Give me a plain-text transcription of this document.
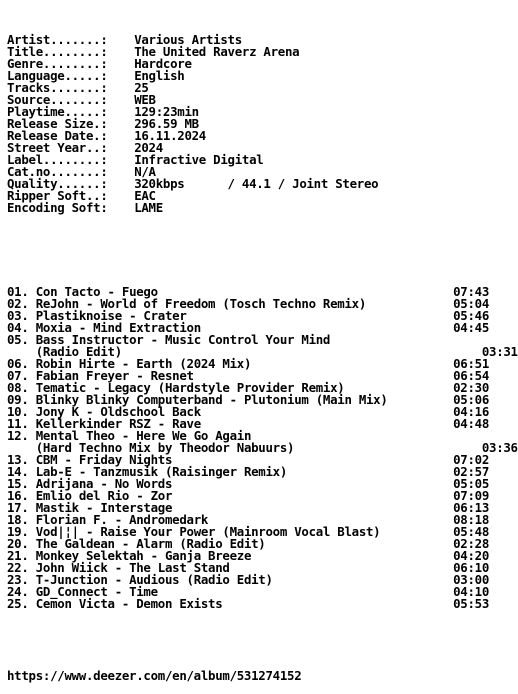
Artist.......: Various Artists
Title........: The United Raverz Arena
Genre........: Hardcore
Language.....: English
Tracks.......: 25
Source.......: WEB
Playtime.....: 129:23min
Release Size.: 296.59 MB
Release Date.: 16.11.2024
Street Year..: 2024
Label........: Infractive Digital
Cat.no.......: N/A
Quality......: 320kbps      / 44.1 / Joint Stereo
Ripper Soft..: EAC
Encoding Soft: LAME

01. Con Tacto - Fuego	07:43
02. ReJohn - World of Freedom (Tosch Techno Remix)	05:04
03. Plastiknoise - Crater	05:46
04. Moxia - Mind Extraction	04:45
05. Bass Instructor - Music Control Your Mind
(Radio Edit)	03:31
06. Robin Hirte - Earth (2024 Mix)	06:51
07. Fabian Freyer - Resnet	06:54
08. Tematic - Legacy (Hardstyle Provider Remix)	02:30
09. Blinky Blinky Computerband - Plutonium (Main Mix)	05:06
10. Jony K - Oldschool Back	04:16
11. Kellerkinder RSZ - Rave	04:48
12. Mental Theo - Here We Go Again
(Hard Techno Mix by Theodor Nabuurs)	03:36
13. CBM - Friday Nights	07:02
14. Lab-E - Tanzmusik (Raisinger Remix)	02:57
15. Adrijana - No Words	05:05
16. Emlio del Rio - Zor	07:09
17. Mastik - Interstage	06:13
18. Florian F. - Andromedark	08:18
19. Vod|¦| - Raise Your Power (Mainroom Vocal Blast)	05:48
20. The Galdean - Alarm (Radio Edit)	02:28
21. Monkey Selektah - Ganja Breeze	04:20
22. John Wiick - The Last Stand	06:10
23. T-Junction - Audious (Radio Edit)	03:00
24. GD_Connect - Time	04:10
25. Cemon Victa - Demon Exists	05:53

https://www.deezer.com/en/album/531274152
